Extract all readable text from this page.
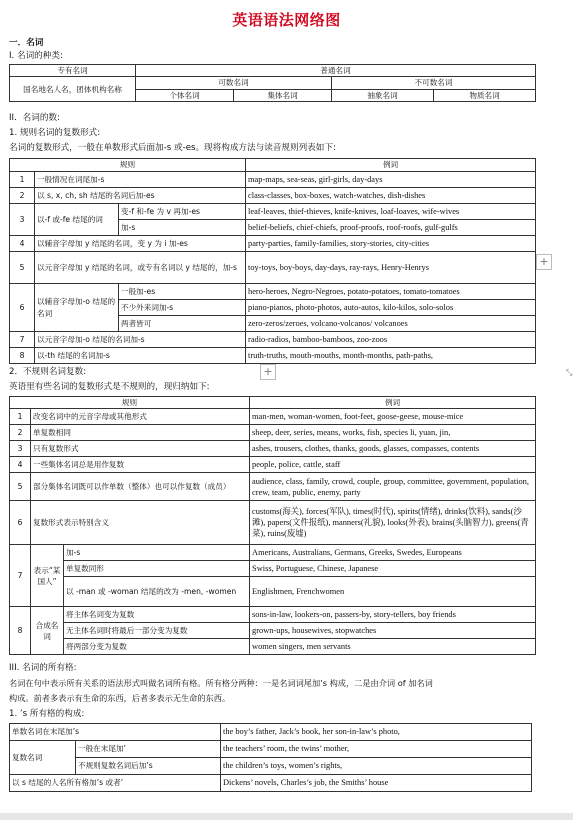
英语语法网络图
一．名词
I. 名词的种类:
专有名词	普通名词			
国名地名人名，团体机构名称	可数名词		不可数名词	
	个体名词	集体名词	抽象名词	物质名词
II．名词的数:
1. 规则名词的复数形式:
名词的复数形式，一般在单数形式后面加-s 或-es。现将构成方法与读音规则列表如下:
规则			例词
1	一般情况在词尾加-s		map-maps, sea-seas, girl-girls, day-days
2	以 s, x, ch, sh 结尾的名词后加-es		class-classes, box-boxes, watch-watches, dish-dishes
3	以-f 或-fe 结尾的词	变-f 和-fe 为 v 再加-es	leaf-leaves, thief-thieves, knife-knives, loaf-loaves, wife-wives
		加-s	belief-beliefs, chief-chiefs, proof-proofs, roof-roofs, gulf-gulfs
4	以辅音字母加 y 结尾的名词，变 y 为 i 加-es		party-parties, family-families, story-stories, city-cities
5	以元音字母加 y 结尾的名词，或专有名词以 y 结尾的，加-s		toy-toys, boy-boys, day-days, ray-rays, Henry-Henrys
6	以辅音字母加-o 结尾的名词	一般加-es	hero-heroes, Negro-Negroes, potato-potatoes, tomato-tomatoes
		不少外来词加-s	piano-pianos, photo-photos, auto-autos, kilo-kilos, solo-solos
		两者皆可	zero-zeros/zeroes, volcano-volcanos/ volcanoes
7	以元音字母加-o 结尾的名词加-s		radio-radios, bamboo-bamboos, zoo-zoos
8	以-th 结尾的名词加-s		truth-truths, mouth-mouths, month-months, path-paths,
+
+	⤡
2．不规则名词复数:
英语里有些名词的复数形式是不规则的，现归纳如下:
规则			例词
1	改变名词中的元音字母或其他形式		man-men, woman-women, foot-feet, goose-geese, mouse-mice
2	单复数相同		sheep, deer, series, means, works, fish, species li, yuan, jin,
3	只有复数形式		ashes, trousers, clothes, thanks, goods, glasses, compasses, contents
4	一些集体名词总是用作复数		people, police, cattle, staff
5	部分集体名词既可以作单数（整体）也可以作复数（成员）		audience, class, family, crowd, couple, group, committee, government, population, crew, team, public, enemy, party
6	复数形式表示特别含义		customs(海关), forces(军队), times(时代), spirits(情绪), drinks(饮料), sands(沙滩), papers(文件报纸), manners(礼貌), looks(外表), brains(头脑智力), greens(青菜), ruins(废墟)
7	表示“某国人”	加-s	Americans, Australians, Germans, Greeks, Swedes, Europeans
		单复数同形	Swiss, Portuguese, Chinese, Japanese
		以 -man 或 -woman 结尾的改为 -men, -women	Englishmen, Frenchwomen
8	合成名词	将主体名词变为复数	sons-in-law, lookers-on, passers-by, story-tellers, boy friends
		无主体名词时将最后一部分变为复数	grown-ups, housewives, stopwatches
		将两部分变为复数	women singers, men servants
III. 名词的所有格:
名词在句中表示所有关系的语法形式叫做名词所有格。所有格分两种：一是名词词尾加’s 构成，二是由介词 of 加名词
构成。前者多表示有生命的东西，后者多表示无生命的东西。
1. ’s 所有格的构成:
单数名词在末尾加’s		the boy’s father, Jack’s book, her son-in-law’s photo,
复数名词	一般在末尾加’	the teachers’ room, the twins’ mother,
	不规则复数名词后加’s	the children’s toys, women’s rights,
以 s 结尾的人名所有格加’s 或者’		Dickens’ novels, Charles’s job, the Smiths’ house
